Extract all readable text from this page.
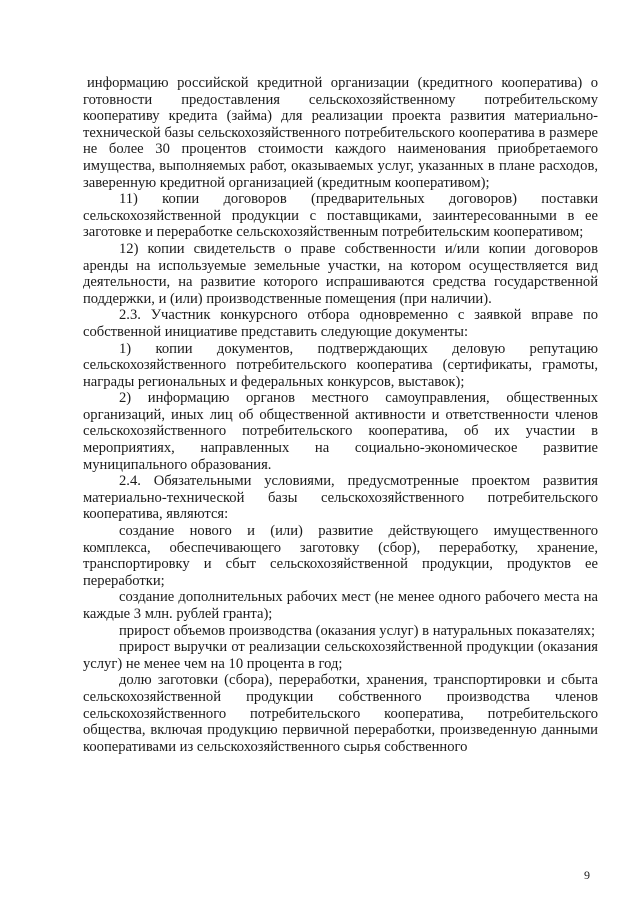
информацию российской кредитной организации (кредитного кооператива) о готовности предоставления сельскохозяйственному потребительскому кооперативу кредита (займа) для реализации проекта развития материально-технической базы сельскохозяйственного потребительского кооператива в размере не более 30 процентов стоимости каждого наименования приобретаемого имущества, выполняемых работ, оказываемых услуг, указанных в плане расходов, заверенную кредитной организацией (кредитным кооперативом);

11) копии договоров (предварительных договоров) поставки сельскохозяйственной продукции с поставщиками, заинтересованными в ее заготовке и переработке сельскохозяйственным потребительским кооперативом;

12) копии свидетельств о праве собственности и/или копии договоров аренды на используемые земельные участки, на котором осуществляется вид деятельности, на развитие которого испрашиваются средства государственной поддержки, и (или) производственные помещения (при наличии).

2.3. Участник конкурсного отбора одновременно с заявкой вправе по собственной инициативе представить следующие документы:

1) копии документов, подтверждающих деловую репутацию сельскохозяйственного потребительского кооператива (сертификаты, грамоты, награды региональных и федеральных конкурсов, выставок);

2) информацию органов местного самоуправления, общественных организаций, иных лиц об общественной активности и ответственности членов сельскохозяйственного потребительского кооператива, об их участии в мероприятиях, направленных на социально-экономическое развитие муниципального образования.

2.4. Обязательными условиями, предусмотренные проектом развития материально-технической базы сельскохозяйственного потребительского кооператива, являются:

создание нового и (или) развитие действующего имущественного комплекса, обеспечивающего заготовку (сбор), переработку, хранение, транспортировку и сбыт сельскохозяйственной продукции, продуктов ее переработки;

создание дополнительных рабочих мест (не менее одного рабочего места на каждые 3 млн. рублей гранта);

прирост объемов производства (оказания услуг) в натуральных показателях;

прирост выручки от реализации сельскохозяйственной продукции (оказания услуг) не менее чем на 10 процента в год;

долю заготовки (сбора), переработки, хранения, транспортировки и сбыта сельскохозяйственной продукции собственного производства членов сельскохозяйственного потребительского кооператива, потребительского общества, включая продукцию первичной переработки, произведенную данными кооперативами из сельскохозяйственного сырья собственного

9
